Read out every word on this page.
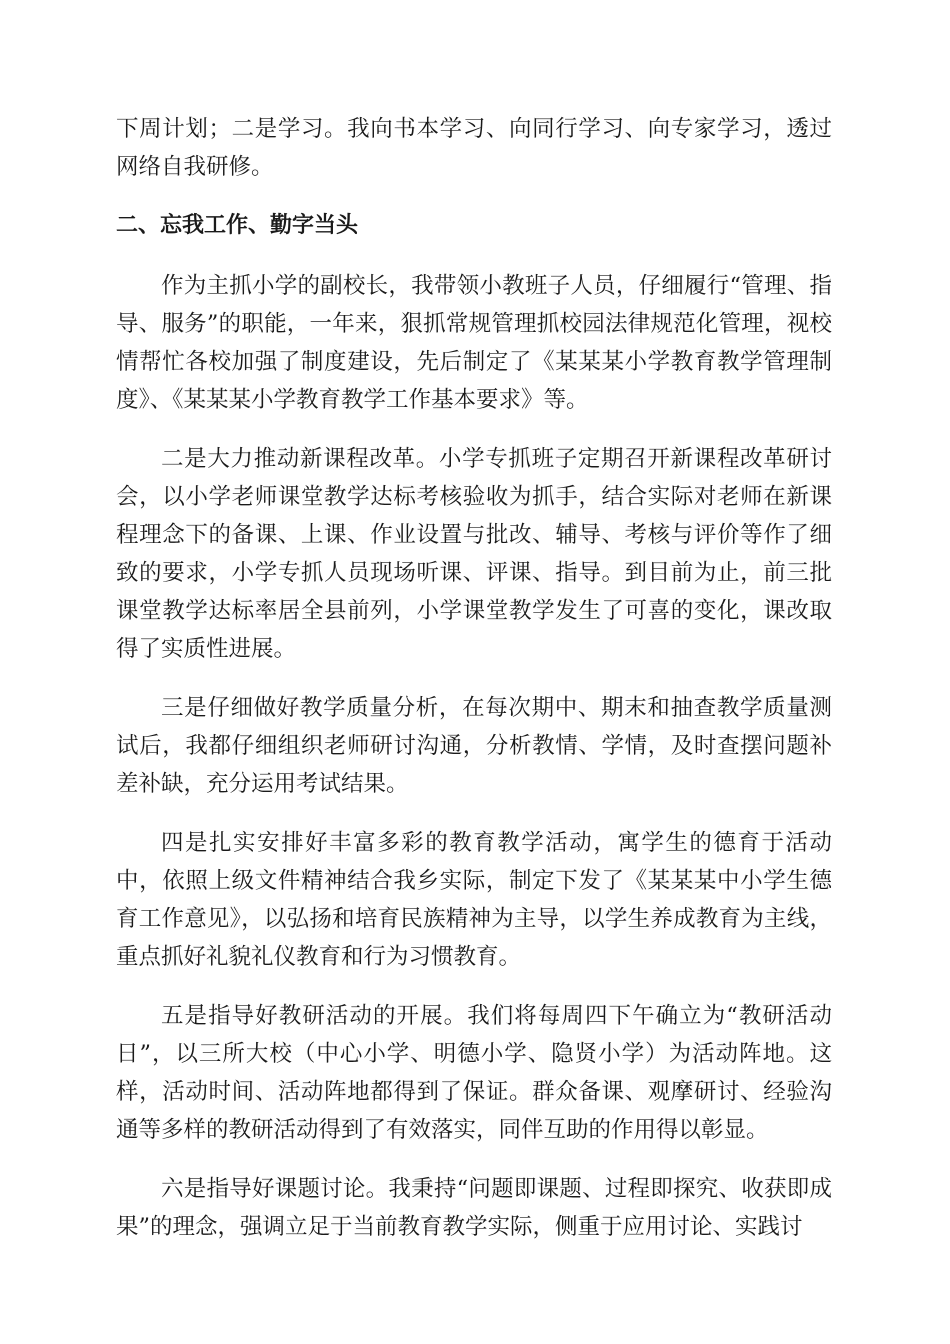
下周计划；二是学习。我向书本学习、向同行学习、向专家学习，透过网络自我研修。

二、忘我工作、勤字当头

作为主抓小学的副校长，我带领小教班子人员，仔细履行“管理、指导、服务”的职能，一年来，狠抓常规管理抓校园法律规范化管理，视校情帮忙各校加强了制度建设，先后制定了《某某某小学教育教学管理制度》、《某某某小学教育教学工作基本要求》等。

二是大力推动新课程改革。小学专抓班子定期召开新课程改革研讨会，以小学老师课堂教学达标考核验收为抓手，结合实际对老师在新课程理念下的备课、上课、作业设置与批改、辅导、考核与评价等作了细致的要求，小学专抓人员现场听课、评课、指导。到目前为止，前三批课堂教学达标率居全县前列，小学课堂教学发生了可喜的变化，课改取得了实质性进展。

三是仔细做好教学质量分析，在每次期中、期末和抽查教学质量测试后，我都仔细组织老师研讨沟通，分析教情、学情，及时查摆问题补差补缺，充分运用考试结果。

四是扎实安排好丰富多彩的教育教学活动，寓学生的德育于活动中，依照上级文件精神结合我乡实际，制定下发了《某某某中小学生德育工作意见》，以弘扬和培育民族精神为主导，以学生养成教育为主线，重点抓好礼貌礼仪教育和行为习惯教育。

五是指导好教研活动的开展。我们将每周四下午确立为“教研活动日”，以三所大校（中心小学、明德小学、隐贤小学）为活动阵地。这样，活动时间、活动阵地都得到了保证。群众备课、观摩研讨、经验沟通等多样的教研活动得到了有效落实，同伴互助的作用得以彰显。

六是指导好课题讨论。我秉持“问题即课题、过程即探究、收获即成果”的理念，强调立足于当前教育教学实际，侧重于应用讨论、实践讨
